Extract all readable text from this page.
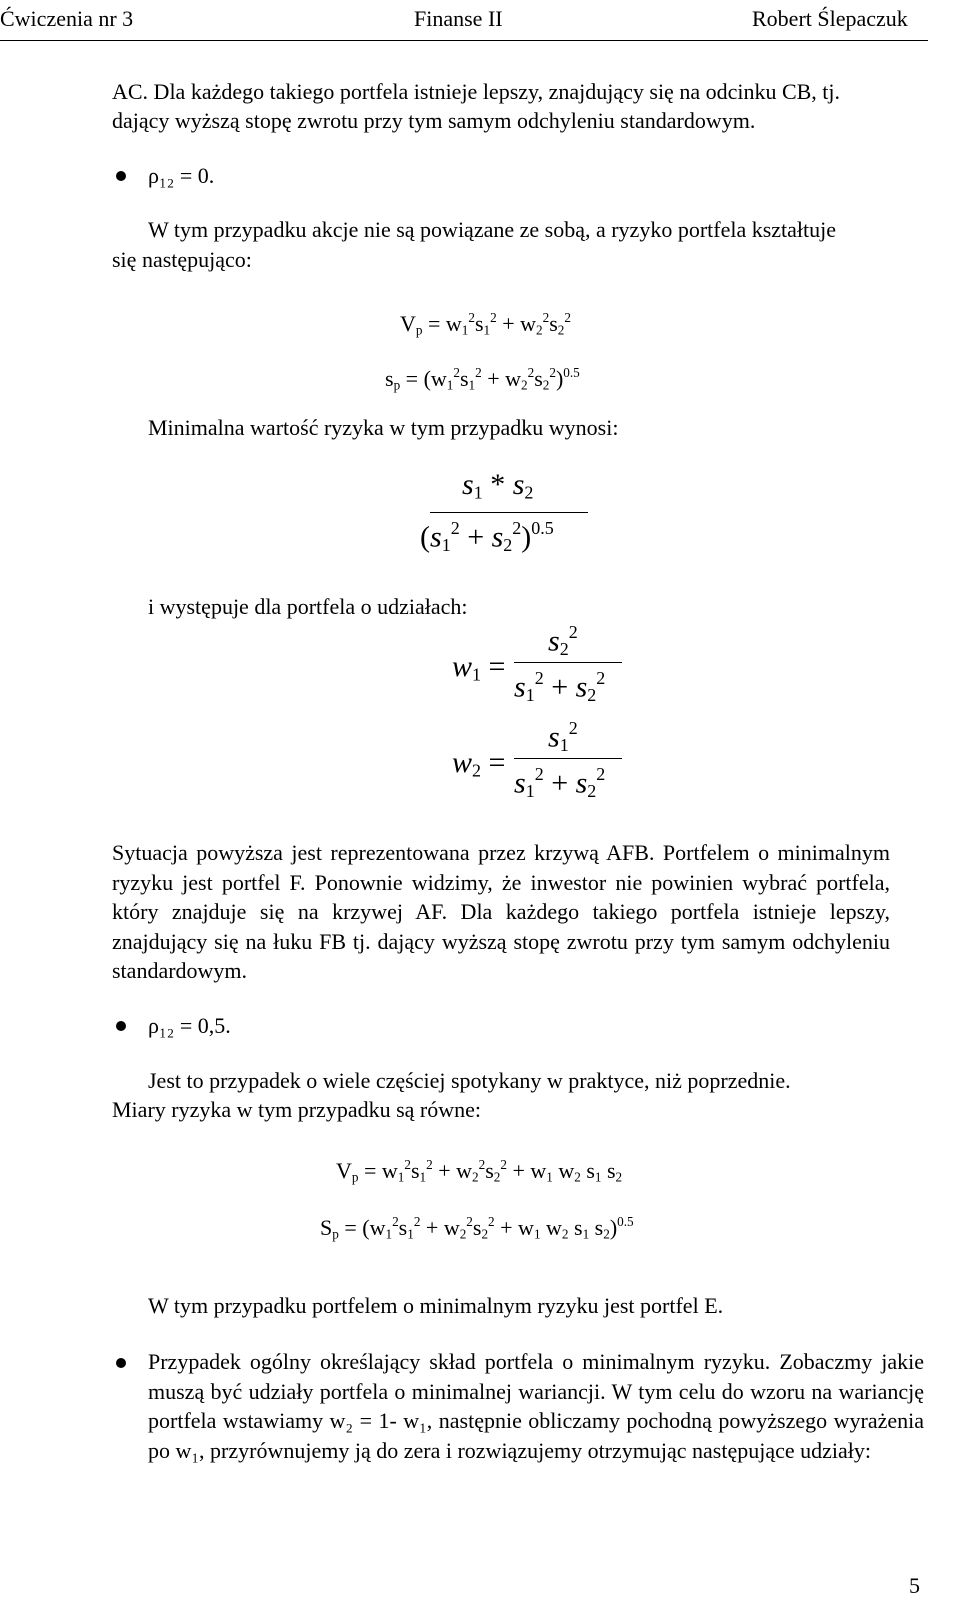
Ćwiczenia nr 3	Finanse II	Robert Ślepaczuk
AC. Dla każdego takiego portfela istnieje lepszy, znajdujący się na odcinku CB, tj.
dający wyższą stopę zwrotu przy tym samym odchyleniu standardowym.
ρ₁₂ = 0.
W tym przypadku akcje nie są powiązane ze sobą, a ryzyko portfela kształtuje
się następująco:
$V_p = w_1^2s_1^2 + w_2^2s_2^2$
$s_p = (w_1^2s_1^2 + w_2^2s_2^2)^{0.5}$
Minimalna wartość ryzyka w tym przypadku wynosi:
$s_1 * s_2$
$(s_1^2 + s_2^2)^{0.5}$
i występuje dla portfela o udziałach:
$w_1$ =
$s_2^2$
$s_1^2 + s_2^2$
$w_2$ =
$s_1^2$
$s_1^2 + s_2^2$
Sytuacja powyższa jest reprezentowana przez krzywą AFB. Portfelem o minimalnym ryzyku jest portfel F. Ponownie widzimy, że inwestor nie powinien wybrać portfela, który znajduje się na krzywej AF. Dla każdego takiego portfela istnieje lepszy, znajdujący się na łuku FB tj. dający wyższą stopę zwrotu przy tym samym odchyleniu standardowym.
ρ₁₂ = 0,5.
Jest to przypadek o wiele częściej spotykany w praktyce, niż poprzednie.
Miary ryzyka w tym przypadku są równe:
$V_p = w_1^2s_1^2 + w_2^2s_2^2 + w_1$ $w_2$ $s_1$ $s_2$
$S_p = (w_1^2s_1^2 + w_2^2s_2^2 + w_1$ $w_2$ $s_1$ $s_2)^{0.5}$
W tym przypadku portfelem o minimalnym ryzyku jest portfel E.
Przypadek ogólny określający skład portfela o minimalnym ryzyku. Zobaczmy jakie muszą być udziały portfela o minimalnej wariancji. W tym celu do wzoru na wariancję portfela wstawiamy w₂ = 1- w₁, następnie obliczamy pochodną powyższego wyrażenia po w₁, przyrównujemy ją do zera i rozwiązujemy otrzymując następujące udziały:
5
